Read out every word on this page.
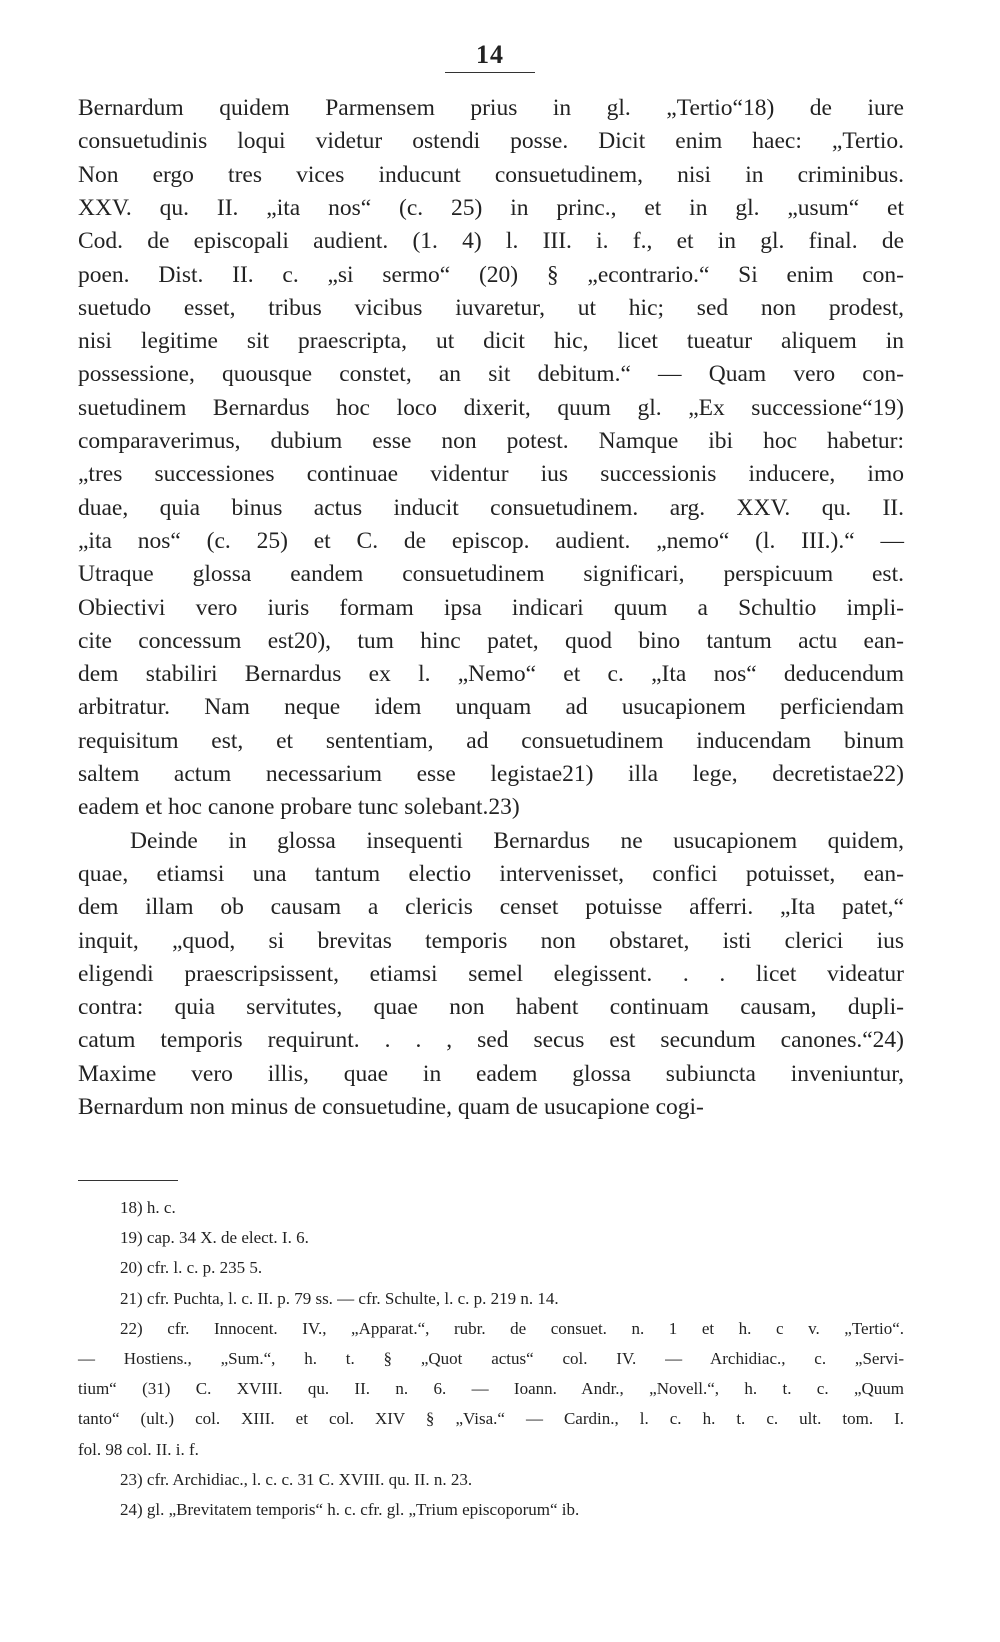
14

Bernardum quidem Parmensem prius in gl. „Tertio“18) de iure

consuetudinis loqui videtur ostendi posse. Dicit enim haec: „Tertio.

Non ergo tres vices inducunt consuetudinem, nisi in criminibus.

XXV. qu. II. „ita nos“ (c. 25) in princ., et in gl. „usum“ et

Cod. de episcopali audient. (1. 4) l. III. i. f., et in gl. final. de

poen. Dist. II. c. „si sermo“ (20) § „econtrario.“ Si enim con-

suetudo esset, tribus vicibus iuvaretur, ut hic; sed non prodest,

nisi legitime sit praescripta, ut dicit hic, licet tueatur aliquem in

possessione, quousque constet, an sit debitum.“ — Quam vero con-

suetudinem Bernardus hoc loco dixerit, quum gl. „Ex successione“19)

comparaverimus, dubium esse non potest. Namque ibi hoc habetur:

„tres successiones continuae videntur ius successionis inducere, imo

duae, quia binus actus inducit consuetudinem. arg. XXV. qu. II.

„ita nos“ (c. 25) et C. de episcop. audient. „nemo“ (l. III.).“ —

Utraque glossa eandem consuetudinem significari, perspicuum est.

Obiectivi vero iuris formam ipsa indicari quum a Schultio impli-

cite concessum est20), tum hinc patet, quod bino tantum actu ean-

dem stabiliri Bernardus ex l. „Nemo“ et c. „Ita nos“ deducendum

arbitratur. Nam neque idem unquam ad usucapionem perficiendam

requisitum est, et sententiam, ad consuetudinem inducendam binum

saltem actum necessarium esse legistae21) illa lege, decretistae22)

eadem et hoc canone probare tunc solebant.23)

Deinde in glossa insequenti Bernardus ne usucapionem quidem,

quae, etiamsi una tantum electio intervenisset, confici potuisset, ean-

dem illam ob causam a clericis censet potuisse afferri. „Ita patet,“

inquit, „quod, si brevitas temporis non obstaret, isti clerici ius

eligendi praescripsissent, etiamsi semel elegissent. . . licet videatur

contra: quia servitutes, quae non habent continuam causam, dupli-

catum temporis requirunt. . . , sed secus est secundum canones.“24)

Maxime vero illis, quae in eadem glossa subiuncta inveniuntur,

Bernardum non minus de consuetudine, quam de usucapione cogi-

18) h. c.

19) cap. 34 X. de elect. I. 6.

20) cfr. l. c. p. 235 5.

21) cfr. Puchta, l. c. II. p. 79 ss. — cfr. Schulte, l. c. p. 219 n. 14.

22) cfr. Innocent. IV., „Apparat.“, rubr. de consuet. n. 1 et h. c v. „Tertio“.

— Hostiens., „Sum.“, h. t. § „Quot actus“ col. IV. — Archidiac., c. „Servi-

tium“ (31) C. XVIII. qu. II. n. 6. — Ioann. Andr., „Novell.“, h. t. c. „Quum

tanto“ (ult.) col. XIII. et col. XIV § „Visa.“ — Cardin., l. c. h. t. c. ult. tom. I.

fol. 98 col. II. i. f.

23) cfr. Archidiac., l. c. c. 31 C. XVIII. qu. II. n. 23.

24) gl. „Brevitatem temporis“ h. c. cfr. gl. „Trium episcoporum“ ib.
